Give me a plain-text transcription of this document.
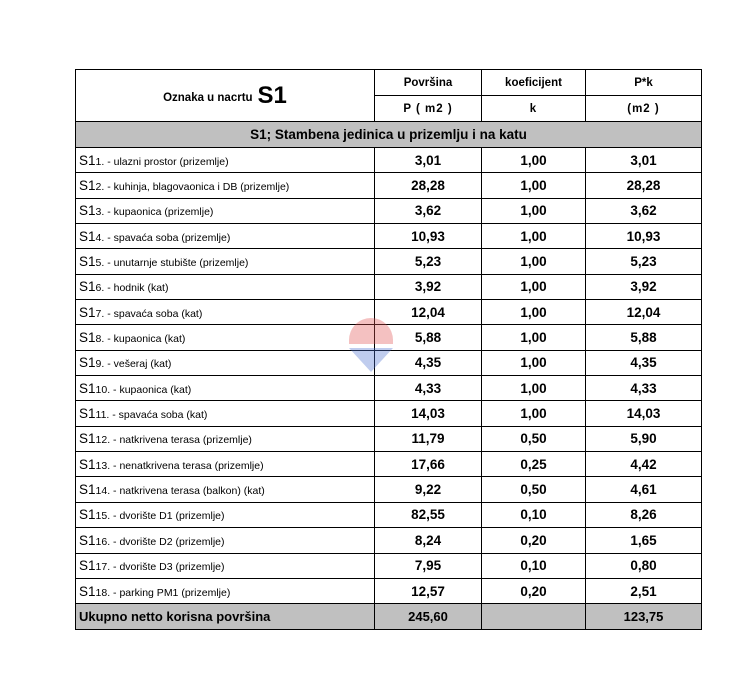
Oznaka u nacrtu S1	Površina	koeficijent	P*k
	P ( m2 )	k	(m2 )
S1; Stambena jedinica u prizemlju i na katu			
S11. - ulazni prostor (prizemlje)	3,01	1,00	3,01
S12. - kuhinja, blagovaonica i DB (prizemlje)	28,28	1,00	28,28
S13. - kupaonica (prizemlje)	3,62	1,00	3,62
S14. - spavaća soba (prizemlje)	10,93	1,00	10,93
S15. - unutarnje stubište (prizemlje)	5,23	1,00	5,23
S16. - hodnik (kat)	3,92	1,00	3,92
S17. - spavaća soba (kat)	12,04	1,00	12,04
S18. - kupaonica (kat)	5,88	1,00	5,88
S19. - vešeraj (kat)	4,35	1,00	4,35
S110. - kupaonica (kat)	4,33	1,00	4,33
S111. - spavaća soba (kat)	14,03	1,00	14,03
S112. - natkrivena terasa (prizemlje)	11,79	0,50	5,90
S113. - nenatkrivena terasa (prizemlje)	17,66	0,25	4,42
S114. - natkrivena terasa (balkon) (kat)	9,22	0,50	4,61
S115. - dvorište D1 (prizemlje)	82,55	0,10	8,26
S116. - dvorište D2 (prizemlje)	8,24	0,20	1,65
S117. - dvorište D3 (prizemlje)	7,95	0,10	0,80
S118. - parking PM1 (prizemlje)	12,57	0,20	2,51
Ukupno netto korisna površina	245,60		123,75
